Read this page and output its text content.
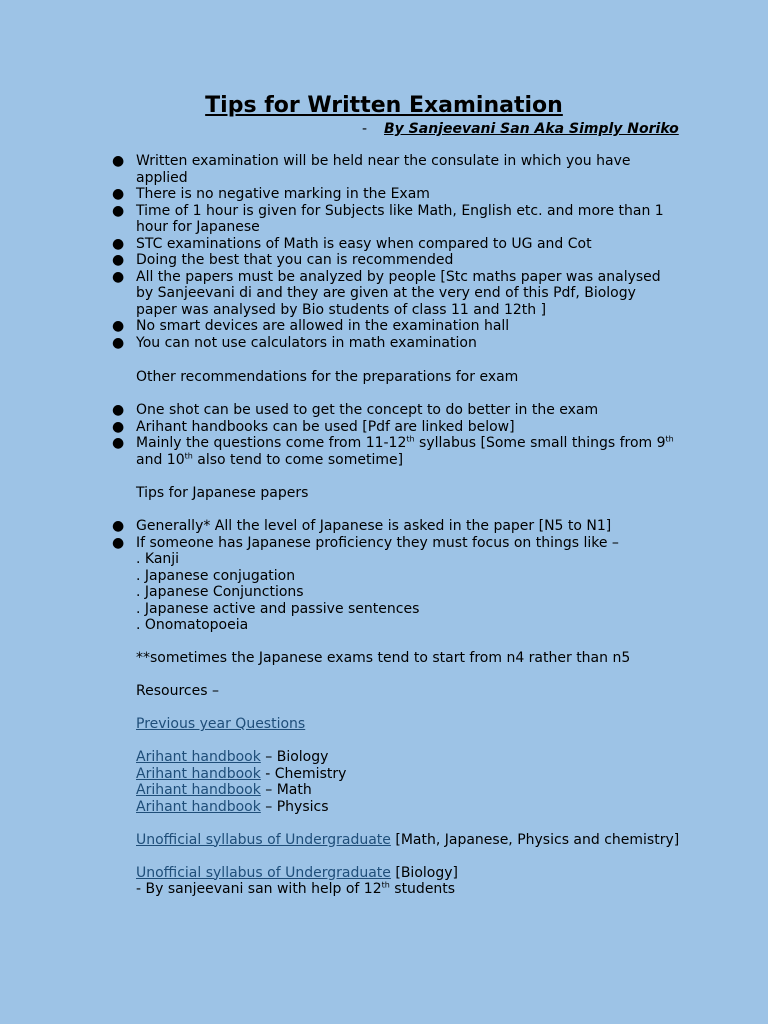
Tips for Written Examination
- By Sanjeevani San Aka Simply Noriko
● Written examination will be held near the consulate in which you have applied
● There is no negative marking in the Exam
● Time of 1 hour is given for Subjects like Math, English etc. and more than 1 hour for Japanese
● STC examinations of Math is easy when compared to UG and Cot
● Doing the best that you can is recommended
● All the papers must be analyzed by people [Stc maths paper was analysed by Sanjeevani di and they are given at the very end of this Pdf, Biology paper was analysed by Bio students of class 11 and 12th ]
● No smart devices are allowed in the examination hall
● You can not use calculators in math examination
Other recommendations for the preparations for exam
● One shot can be used to get the concept to do better in the exam
● Arihant handbooks can be used [Pdf are linked below]
● Mainly the questions come from 11-12th syllabus [Some small things from 9th
and 10th also tend to come sometime]
Tips for Japanese papers
● Generally* All the level of Japanese is asked in the paper [N5 to N1]
● If someone has Japanese proficiency they must focus on things like –
. Kanji
. Japanese conjugation
. Japanese Conjunctions
. Japanese active and passive sentences
. Onomatopoeia
**sometimes the Japanese exams tend to start from n4 rather than n5
Resources –
Previous year Questions
Arihant handbook – Biology
Arihant handbook - Chemistry
Arihant handbook – Math
Arihant handbook – Physics
Unofficial syllabus of Undergraduate [Math, Japanese, Physics and chemistry]
Unofficial syllabus of Undergraduate [Biology]
- By sanjeevani san with help of 12th students
